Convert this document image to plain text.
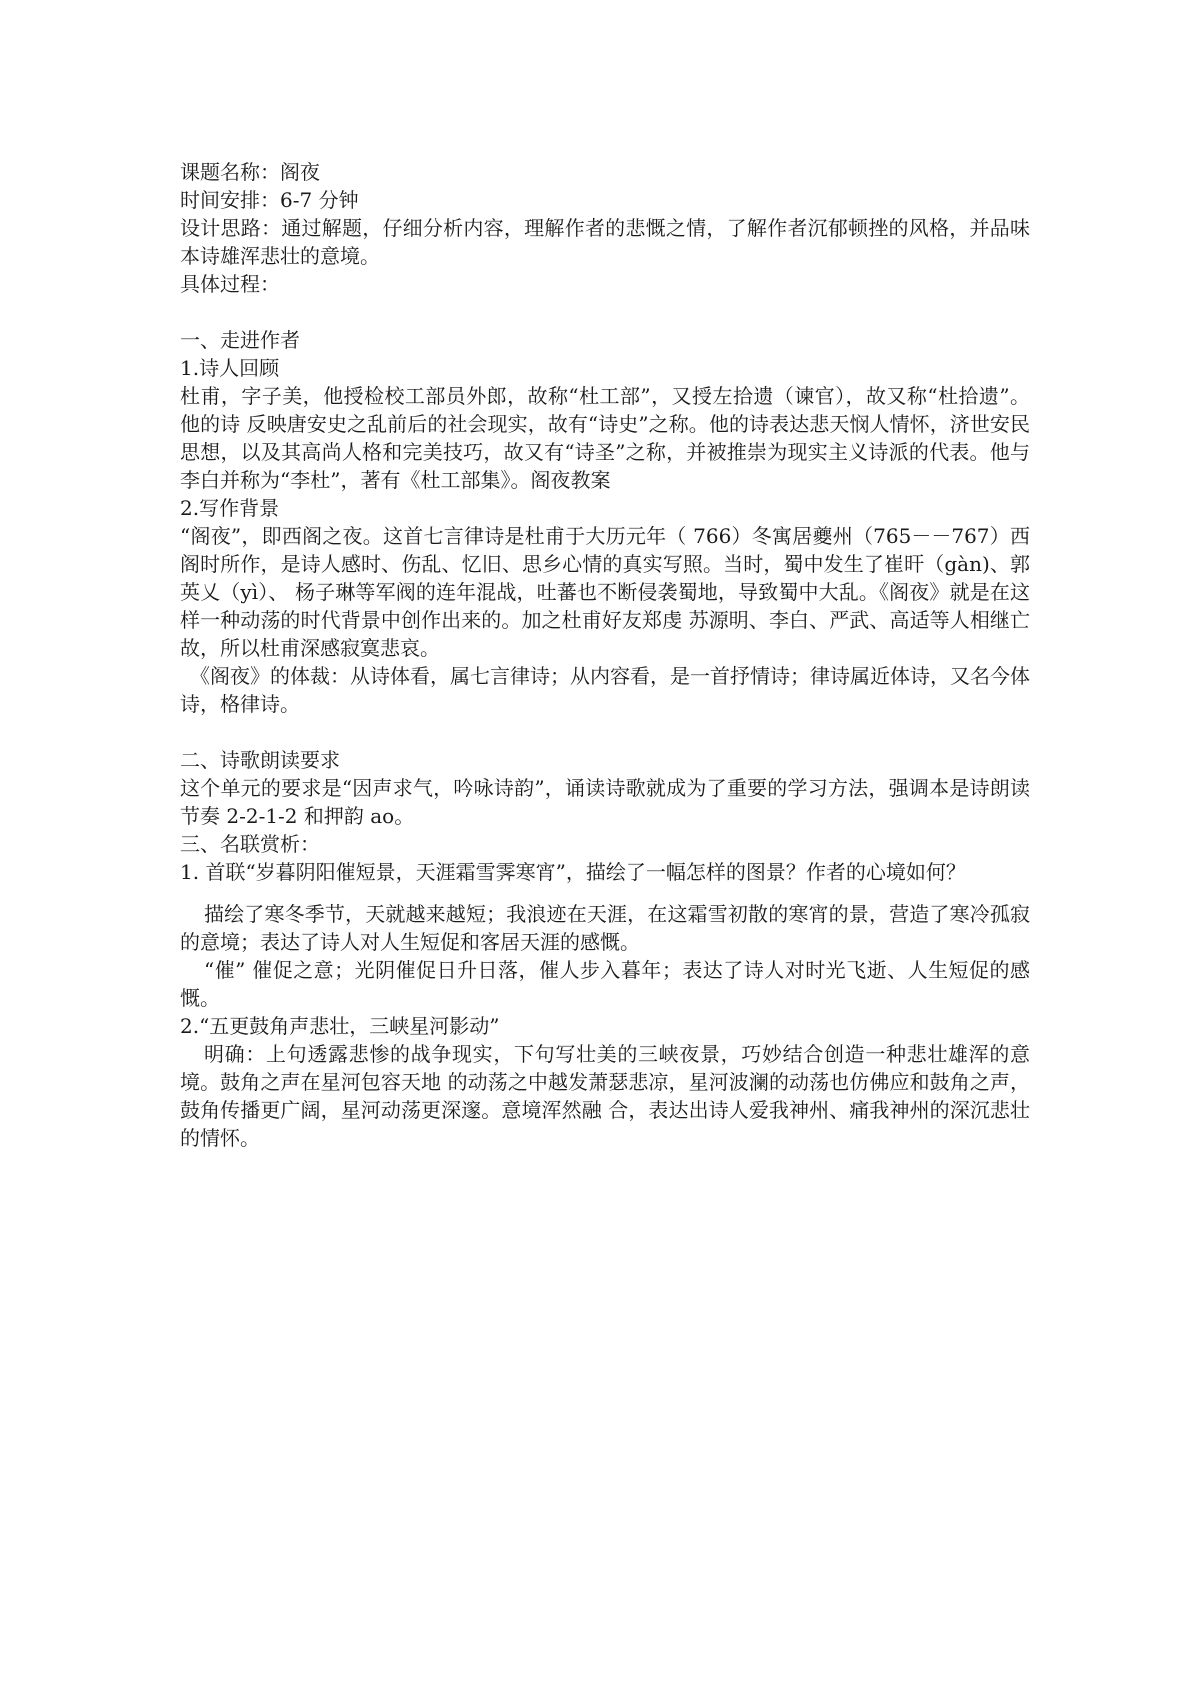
课题名称：阁夜

时间安排：6-7 分钟

设计思路：通过解题，仔细分析内容，理解作者的悲慨之情，了解作者沉郁顿挫的风格，并品味本诗雄浑悲壮的意境。

具体过程：

一、走进作者

1.诗人回顾

杜甫，字子美，他授检校工部员外郎，故称“杜工部”，又授左拾遗（谏官），故又称“杜拾遗”。他的诗 反映唐安史之乱前后的社会现实，故有“诗史”之称。他的诗表达悲天悯人情怀，济世安民思想，以及其高尚人格和完美技巧，故又有“诗圣”之称，并被推崇为现实主义诗派的代表。他与李白并称为“李杜”，著有《杜工部集》。阁夜教案

2.写作背景

“阁夜”，即西阁之夜。这首七言律诗是杜甫于大历元年（ 766）冬寓居夔州（765－－767）西阁时所作，是诗人感时、伤乱、忆旧、思乡心情的真实写照。当时，蜀中发生了崔旰（gàn)、郭英乂（yì）、 杨子琳等军阀的连年混战，吐蕃也不断侵袭蜀地，导致蜀中大乱。《阁夜》就是在这样一种动荡的时代背景中创作出来的。加之杜甫好友郑虔 苏源明、李白、严武、高适等人相继亡故，所以杜甫深感寂寞悲哀。

《阁夜》的体裁：从诗体看，属七言律诗；从内容看，是一首抒情诗；律诗属近体诗，又名今体诗，格律诗。

二、诗歌朗读要求

这个单元的要求是“因声求气，吟咏诗韵”，诵读诗歌就成为了重要的学习方法，强调本是诗朗读节奏 2-2-1-2 和押韵 ao。

三、名联赏析：

1. 首联“岁暮阴阳催短景，天涯霜雪霁寒宵”，描绘了一幅怎样的图景？作者的心境如何？

描绘了寒冬季节，天就越来越短；我浪迹在天涯，在这霜雪初散的寒宵的景，营造了寒冷孤寂的意境；表达了诗人对人生短促和客居天涯的感慨。

“催” 催促之意；光阴催促日升日落，催人步入暮年；表达了诗人对时光飞逝、人生短促的感慨。

2.“五更鼓角声悲壮，三峡星河影动”

明确：上句透露悲惨的战争现实，下句写壮美的三峡夜景，巧妙结合创造一种悲壮雄浑的意境。鼓角之声在星河包容天地 的动荡之中越发萧瑟悲凉，星河波澜的动荡也仿佛应和鼓角之声，鼓角传播更广阔，星河动荡更深邃。意境浑然融 合，表达出诗人爱我神州、痛我神州的深沉悲壮的情怀。
